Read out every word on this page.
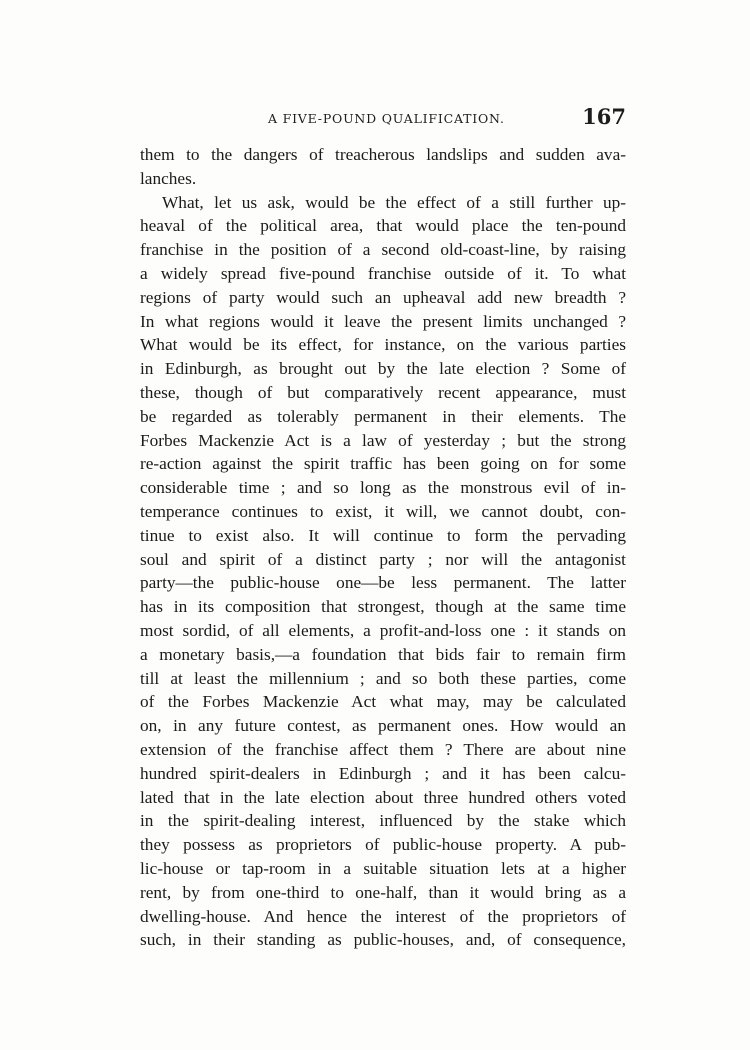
A FIVE-POUND QUALIFICATION.	167
them to the dangers of treacherous landslips and sudden ava-
lanches.
What, let us ask, would be the effect of a still further up-
heaval of the political area, that would place the ten-pound
franchise in the position of a second old-coast-line, by raising
a widely spread five-pound franchise outside of it. To what
regions of party would such an upheaval add new breadth ?
In what regions would it leave the present limits unchanged ?
What would be its effect, for instance, on the various parties
in Edinburgh, as brought out by the late election ? Some of
these, though of but comparatively recent appearance, must
be regarded as tolerably permanent in their elements. The
Forbes Mackenzie Act is a law of yesterday ; but the strong
re-action against the spirit traffic has been going on for some
considerable time ; and so long as the monstrous evil of in-
temperance continues to exist, it will, we cannot doubt, con-
tinue to exist also. It will continue to form the pervading
soul and spirit of a distinct party ; nor will the antagonist
party—the public-house one—be less permanent. The latter
has in its composition that strongest, though at the same time
most sordid, of all elements, a profit-and-loss one : it stands on
a monetary basis,—a foundation that bids fair to remain firm
till at least the millennium ; and so both these parties, come
of the Forbes Mackenzie Act what may, may be calculated
on, in any future contest, as permanent ones. How would an
extension of the franchise affect them ? There are about nine
hundred spirit-dealers in Edinburgh ; and it has been calcu-
lated that in the late election about three hundred others voted
in the spirit-dealing interest, influenced by the stake which
they possess as proprietors of public-house property. A pub-
lic-house or tap-room in a suitable situation lets at a higher
rent, by from one-third to one-half, than it would bring as a
dwelling-house. And hence the interest of the proprietors of
such, in their standing as public-houses, and, of consequence,
